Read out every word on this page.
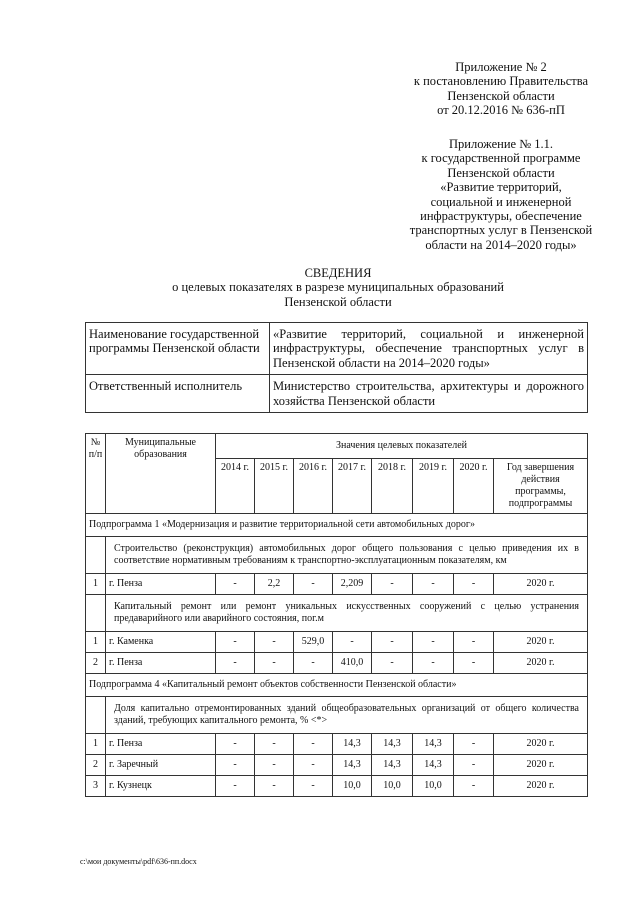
Приложение № 2
к постановлению Правительства
Пензенской области
от 20.12.2016 № 636-пП
Приложение № 1.1.
к государственной программе
Пензенской области
«Развитие территорий,
социальной и инженерной
инфраструктуры, обеспечение
транспортных услуг в Пензенской
области на 2014–2020 годы»
СВЕДЕНИЯ
о целевых показателях в разрезе муниципальных образований
Пензенской области
Наименование государственной программы Пензенской области	«Развитие территорий, социальной и инженерной инфраструктуры, обеспечение транспортных услуг в Пензенской области на 2014–2020 годы»
Ответственный исполнитель	Министерство строительства, архитектуры и дорожного хозяйства Пензенской области
№ п/п	Муниципальные образования	Значения целевых показателей							
		2014 г.	2015 г.	2016 г.	2017 г.	2018 г.	2019 г.	2020 г.	Год завершения действия программы, подпрограммы
Подпрограмма 1 «Модернизация и развитие территориальной сети автомобильных дорог»									
	Строительство (реконструкция) автомобильных дорог общего пользования с целью приведения их в соответствие нормативным требованиям к транспортно-эксплуатационным показателям, км								
1	г. Пенза	-	2,2	-	2,209	-	-	-	2020 г.
	Капитальный ремонт или ремонт уникальных искусственных сооружений с целью устранения предаварийного или аварийного состояния, пог.м								
1	г. Каменка	-	-	529,0	-	-	-	-	2020 г.
2	г. Пенза	-	-	-	410,0	-	-	-	2020 г.
Подпрограмма 4 «Капитальный ремонт объектов собственности Пензенской области»									
	Доля капитально отремонтированных зданий общеобразовательных организаций от общего количества зданий, требующих капитального ремонта, % <*>								
1	г. Пенза	-	-	-	14,3	14,3	14,3	-	2020 г.
2	г. Заречный	-	-	-	14,3	14,3	14,3	-	2020 г.
3	г. Кузнецк	-	-	-	10,0	10,0	10,0	-	2020 г.
c:\мои документы\pdf\636-пп.docx
